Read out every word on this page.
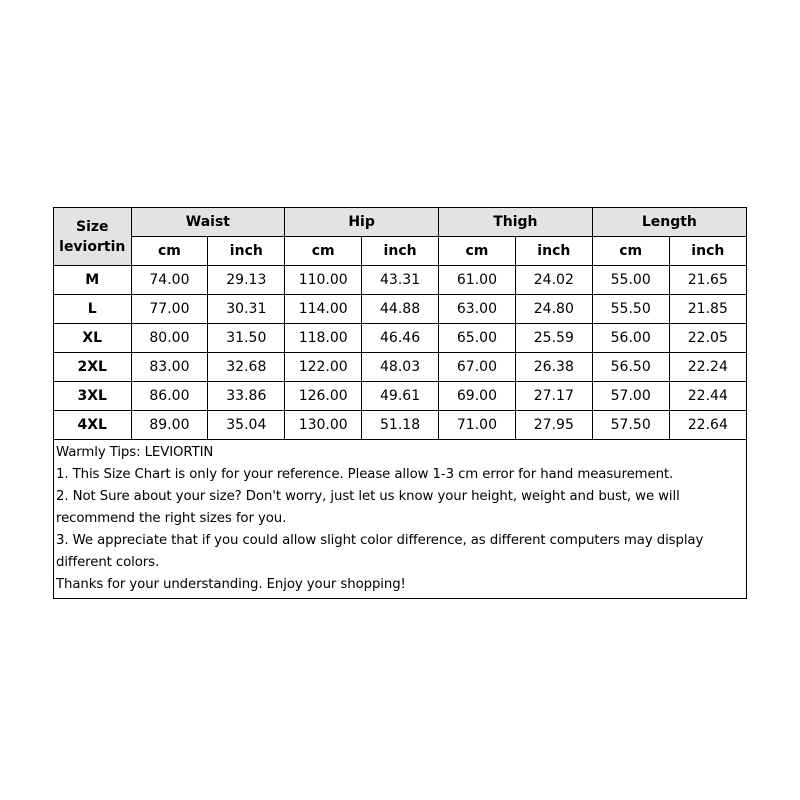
Size
leviortin	Waist		Hip		Thigh		Length	
	cm	inch	cm	inch	cm	inch	cm	inch
M	74.00	29.13	110.00	43.31	61.00	24.02	55.00	21.65
L	77.00	30.31	114.00	44.88	63.00	24.80	55.50	21.85
XL	80.00	31.50	118.00	46.46	65.00	25.59	56.00	22.05
2XL	83.00	32.68	122.00	48.03	67.00	26.38	56.50	22.24
3XL	86.00	33.86	126.00	49.61	69.00	27.17	57.00	22.44
4XL	89.00	35.04	130.00	51.18	71.00	27.95	57.50	22.64
Warmly Tips: LEVIORTIN
1. This Size Chart is only for your reference. Please allow 1-3 cm error for hand measurement.
2. Not Sure about your size? Don't worry, just let us know your height, weight and bust, we will recommend the right sizes for you.
3. We appreciate that if you could allow slight color difference, as different computers may display different colors.
Thanks for your understanding. Enjoy your shopping!
